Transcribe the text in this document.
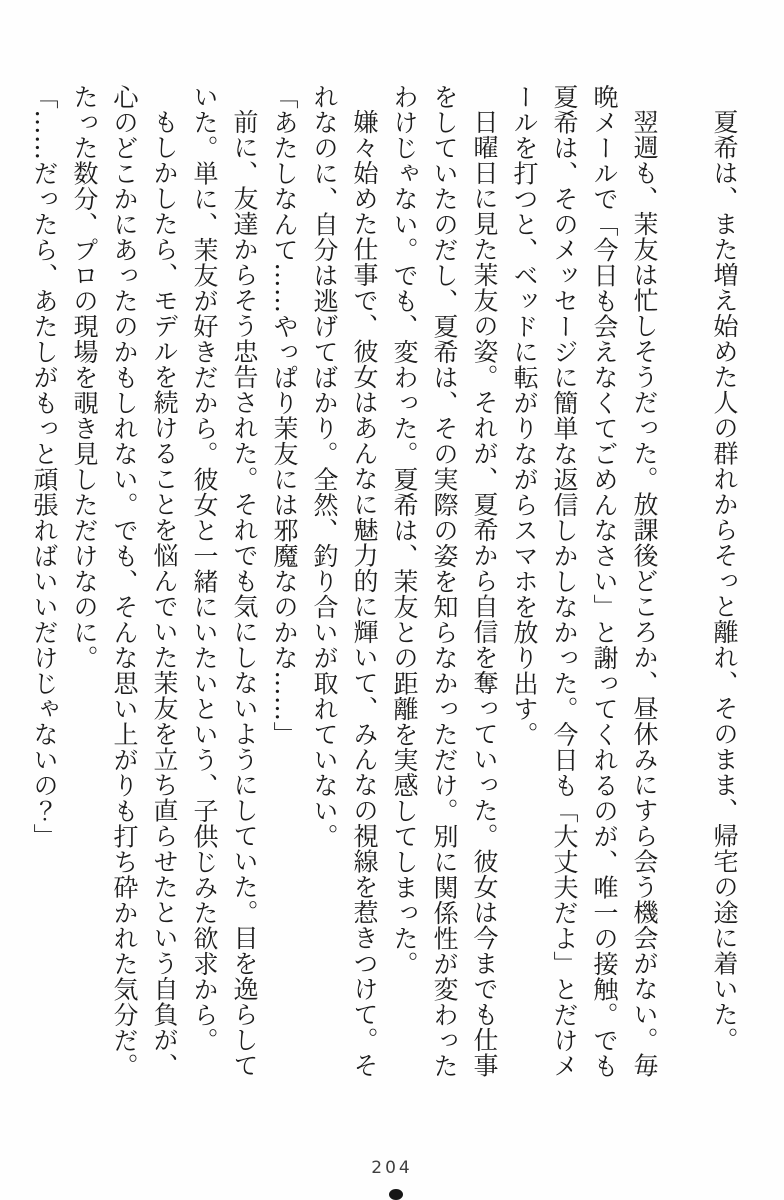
夏希は、また増え始めた人の群れからそっと離れ、そのまま、帰宅の途に着いた。

翌週も、茉友は忙しそうだった。放課後どころか、昼休みにすら会う機会がない。毎晩メールで「今日も会えなくてごめんなさい」と謝ってくれるのが、唯一の接触。でも夏希は、そのメッセージに簡単な返信しかしなかった。今日も「大丈夫だよ」とだけメールを打つと、ベッドに転がりながらスマホを放り出す。

日曜日に見た茉友の姿。それが、夏希から自信を奪っていった。彼女は今までも仕事をしていたのだし、夏希は、その実際の姿を知らなかっただけ。別に関係性が変わったわけじゃない。でも、変わった。夏希は、茉友との距離を実感してしまった。

嫌々始めた仕事で、彼女はあんなに魅力的に輝いて、みんなの視線を惹きつけて。それなのに、自分は逃げてばかり。全然、釣り合いが取れていない。

「あたしなんて……やっぱり茉友には邪魔なのかな……」

前に、友達からそう忠告された。それでも気にしないようにしていた。目を逸らしていた。単に、茉友が好きだから。彼女と一緒にいたいという、子供じみた欲求から。

もしかしたら、モデルを続けることを悩んでいた茉友を立ち直らせたという自負が、心のどこかにあったのかもしれない。でも、そんな思い上がりも打ち砕かれた気分だ。たった数分、プロの現場を覗き見しただけなのに。

「……だったら、あたしがもっと頑張ればいいだけじゃないの？」

204
